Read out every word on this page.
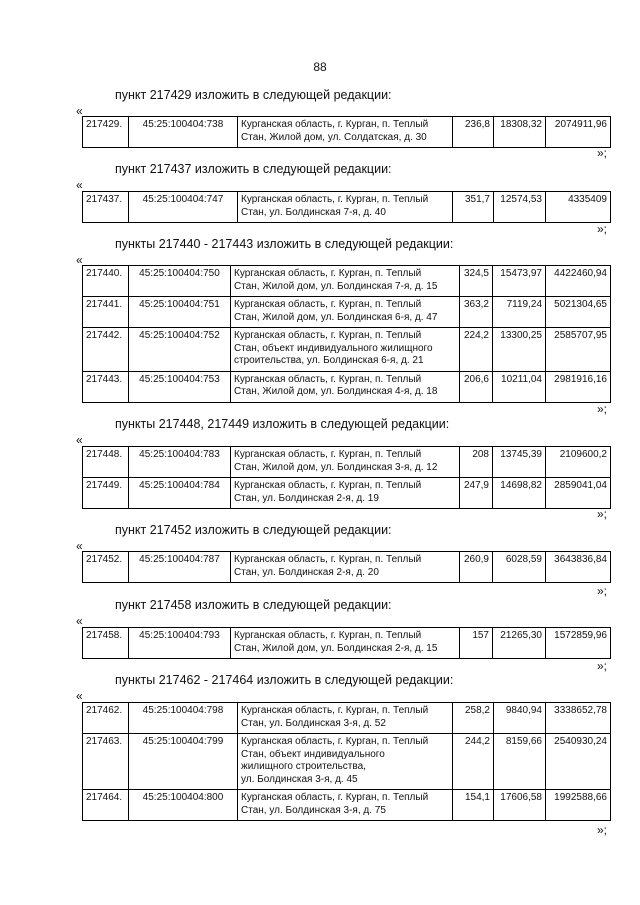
88
пункт 217429 изложить в следующей редакции:
«
217429.	45:25:100404:738	Курганская область, г. Курган, п. Теплый
Стан, Жилой дом, ул. Солдатская, д. 30
	236,8	18308,32	2074911,96
»;
пункт 217437 изложить в следующей редакции:
«
217437.	45:25:100404:747	Курганская область, г. Курган, п. Теплый
Стан, ул. Болдинская 7-я, д. 40
	351,7	12574,53	4335409
»;
пункты 217440 - 217443 изложить в следующей редакции:
«
217440.	45:25:100404:750	Курганская область, г. Курган, п. Теплый
Стан, Жилой дом, ул. Болдинская 7-я, д. 15	324,5	15473,97	4422460,94
217441.	45:25:100404:751	Курганская область, г. Курган, п. Теплый
Стан, Жилой дом, ул. Болдинская 6-я, д. 47	363,2	7119,24	5021304,65
217442.	45:25:100404:752	Курганская область, г. Курган, п. Теплый
Стан, объект индивидуального жилищного
строительства, ул. Болдинская 6-я, д. 21	224,2	13300,25	2585707,95
217443.	45:25:100404:753	Курганская область, г. Курган, п. Теплый
Стан, Жилой дом, ул. Болдинская 4-я, д. 18	206,6	10211,04	2981916,16
»;
пункты 217448, 217449 изложить в следующей редакции:
«
217448.	45:25:100404:783	Курганская область, г. Курган, п. Теплый
Стан, Жилой дом, ул. Болдинская 3-я, д. 12	208	13745,39	2109600,2
217449.	45:25:100404:784	Курганская область, г. Курган, п. Теплый
Стан, ул. Болдинская 2-я, д. 19	247,9	14698,82	2859041,04
»;
пункт 217452 изложить в следующей редакции:
«
217452.	45:25:100404:787	Курганская область, г. Курган, п. Теплый
Стан, ул. Болдинская 2-я, д. 20
	260,9	6028,59	3643836,84
»;
пункт 217458 изложить в следующей редакции:
«
217458.	45:25:100404:793	Курганская область, г. Курган, п. Теплый
Стан, Жилой дом, ул. Болдинская 2-я, д. 15
	157	21265,30	1572859,96
»;
пункты 217462 - 217464 изложить в следующей редакции:
«
217462.	45:25:100404:798	Курганская область, г. Курган, п. Теплый
Стан, ул. Болдинская 3-я, д. 52	258,2	9840,94	3338652,78
217463.	45:25:100404:799	Курганская область, г. Курган, п. Теплый
Стан, объект индивидуального
жилищного строительства,
ул. Болдинская 3-я, д. 45	244,2	8159,66	2540930,24
217464.	45:25:100404:800	Курганская область, г. Курган, п. Теплый
Стан, ул. Болдинская 3-я, д. 75	154,1	17606,58	1992588,66
»;
